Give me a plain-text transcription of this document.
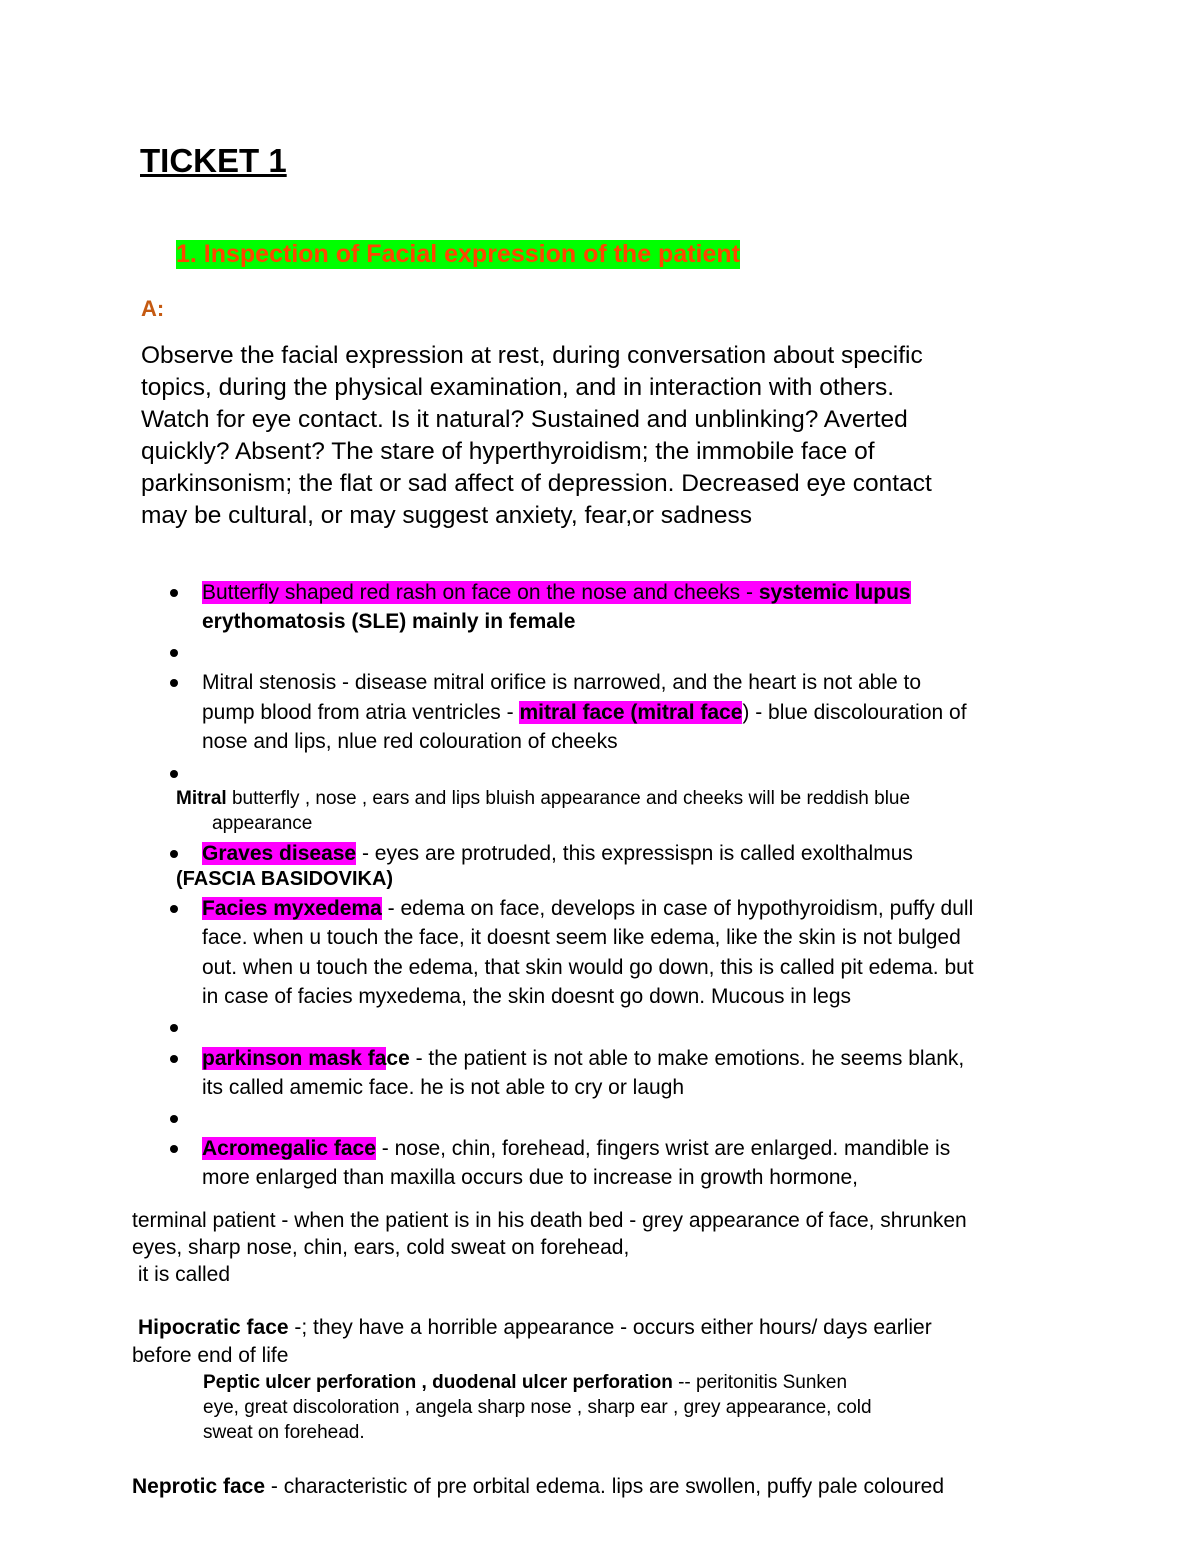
TICKET 1
1. Inspection of Facial expression of the patient
A:
Observe the facial expression at rest, during conversation about specific
topics, during the physical examination, and in interaction with others.
Watch for eye contact. Is it natural? Sustained and unblinking? Averted
quickly? Absent? The stare of hyperthyroidism; the immobile face of
parkinsonism; the flat or sad affect of depression. Decreased eye contact
may be cultural, or may suggest anxiety, fear,or sadness
Butterfly shaped red rash on face on the nose and cheeks - systemic lupus
erythomatosis (SLE) mainly in female
Mitral stenosis - disease mitral orifice is narrowed, and the heart is not able to
pump blood from atria ventricles - mitral face (mitral face) - blue discolouration of
nose and lips, nlue red colouration of cheeks
Mitral butterfly , nose , ears and lips bluish appearance and cheeks will be reddish blue
appearance
Graves disease - eyes are protruded, this expressispn is called exolthalmus
(FASCIA BASIDOVIKA)
Facies myxedema - edema on face, develops in case of hypothyroidism, puffy dull
face. when u touch the face, it doesnt seem like edema, like the skin is not bulged
out. when u touch the edema, that skin would go down, this is called pit edema. but
in case of facies myxedema, the skin doesnt go down. Mucous in legs
parkinson mask face - the patient is not able to make emotions. he seems blank,
its called amemic face. he is not able to cry or laugh
Acromegalic face - nose, chin, forehead, fingers wrist are enlarged. mandible is
more enlarged than maxilla occurs due to increase in growth hormone,
terminal patient - when the patient is in his death bed - grey appearance of face, shrunken
eyes, sharp nose, chin, ears, cold sweat on forehead,
it is called
Hipocratic face -; they have a horrible appearance - occurs either hours/ days earlier
before end of life
Peptic ulcer perforation , duodenal ulcer perforation -- peritonitis Sunken
eye, great discoloration , angela sharp nose , sharp ear , grey appearance, cold
sweat on forehead.
Neprotic face - characteristic of pre orbital edema. lips are swollen, puffy pale coloured
